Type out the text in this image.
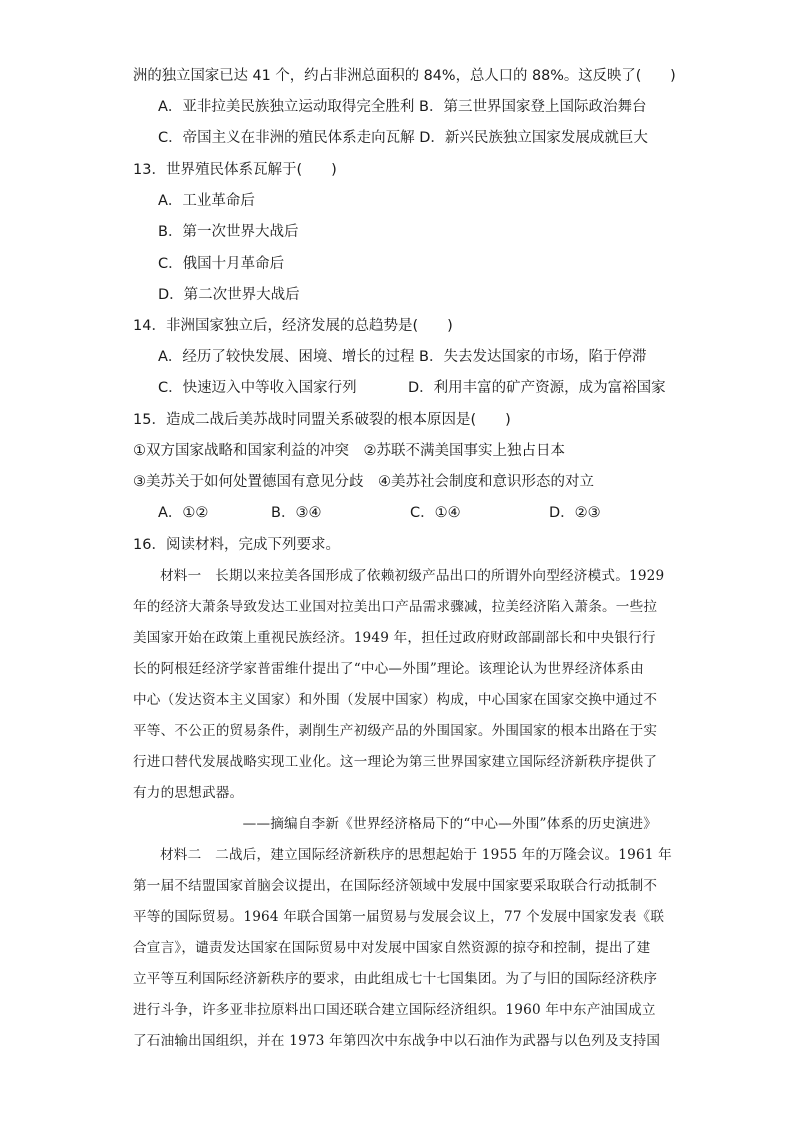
洲的独立国家已达 41 个，约占非洲总面积的 84%，总人口的 88%。这反映了(　　)
A．亚非拉美民族独立运动取得完全胜利 B．第三世界国家登上国际政治舞台
C．帝国主义在非洲的殖民体系走向瓦解 D．新兴民族独立国家发展成就巨大
13．世界殖民体系瓦解于(　　)
A．工业革命后
B．第一次世界大战后
C．俄国十月革命后
D．第二次世界大战后
14．非洲国家独立后，经济发展的总趋势是(　　)
A．经历了较快发展、困境、增长的过程 B．失去发达国家的市场，陷于停滞
C．快速迈入中等收入国家行列	D．利用丰富的矿产资源，成为富裕国家
15．造成二战后美苏战时同盟关系破裂的根本原因是(　　)
①双方国家战略和国家利益的冲突　②苏联不满美国事实上独占日本
③美苏关于如何处置德国有意见分歧　④美苏社会制度和意识形态的对立
A．①②	B．③④	C．①④	D．②③
16．阅读材料，完成下列要求。
材料一　长期以来拉美各国形成了依赖初级产品出口的所谓外向型经济模式。1929
年的经济大萧条导致发达工业国对拉美出口产品需求骤减，拉美经济陷入萧条。一些拉
美国家开始在政策上重视民族经济。1949 年，担任过政府财政部副部长和中央银行行
长的阿根廷经济学家普雷维什提出了“中心—外围”理论。该理论认为世界经济体系由
中心（发达资本主义国家）和外围（发展中国家）构成，中心国家在国家交换中通过不
平等、不公正的贸易条件，剥削生产初级产品的外围国家。外围国家的根本出路在于实
行进口替代发展战略实现工业化。这一理论为第三世界国家建立国际经济新秩序提供了
有力的思想武器。
——摘编自李新《世界经济格局下的“中心—外围”体系的历史演进》
材料二　二战后，建立国际经济新秩序的思想起始于 1955 年的万隆会议。1961 年
第一届不结盟国家首脑会议提出，在国际经济领域中发展中国家要采取联合行动抵制不
平等的国际贸易。1964 年联合国第一届贸易与发展会议上，77 个发展中国家发表《联
合宣言》，谴责发达国家在国际贸易中对发展中国家自然资源的掠夺和控制，提出了建
立平等互利国际经济新秩序的要求，由此组成七十七国集团。为了与旧的国际经济秩序
进行斗争，许多亚非拉原料出口国还联合建立国际经济组织。1960 年中东产油国成立
了石油输出国组织，并在 1973 年第四次中东战争中以石油作为武器与以色列及支持国
